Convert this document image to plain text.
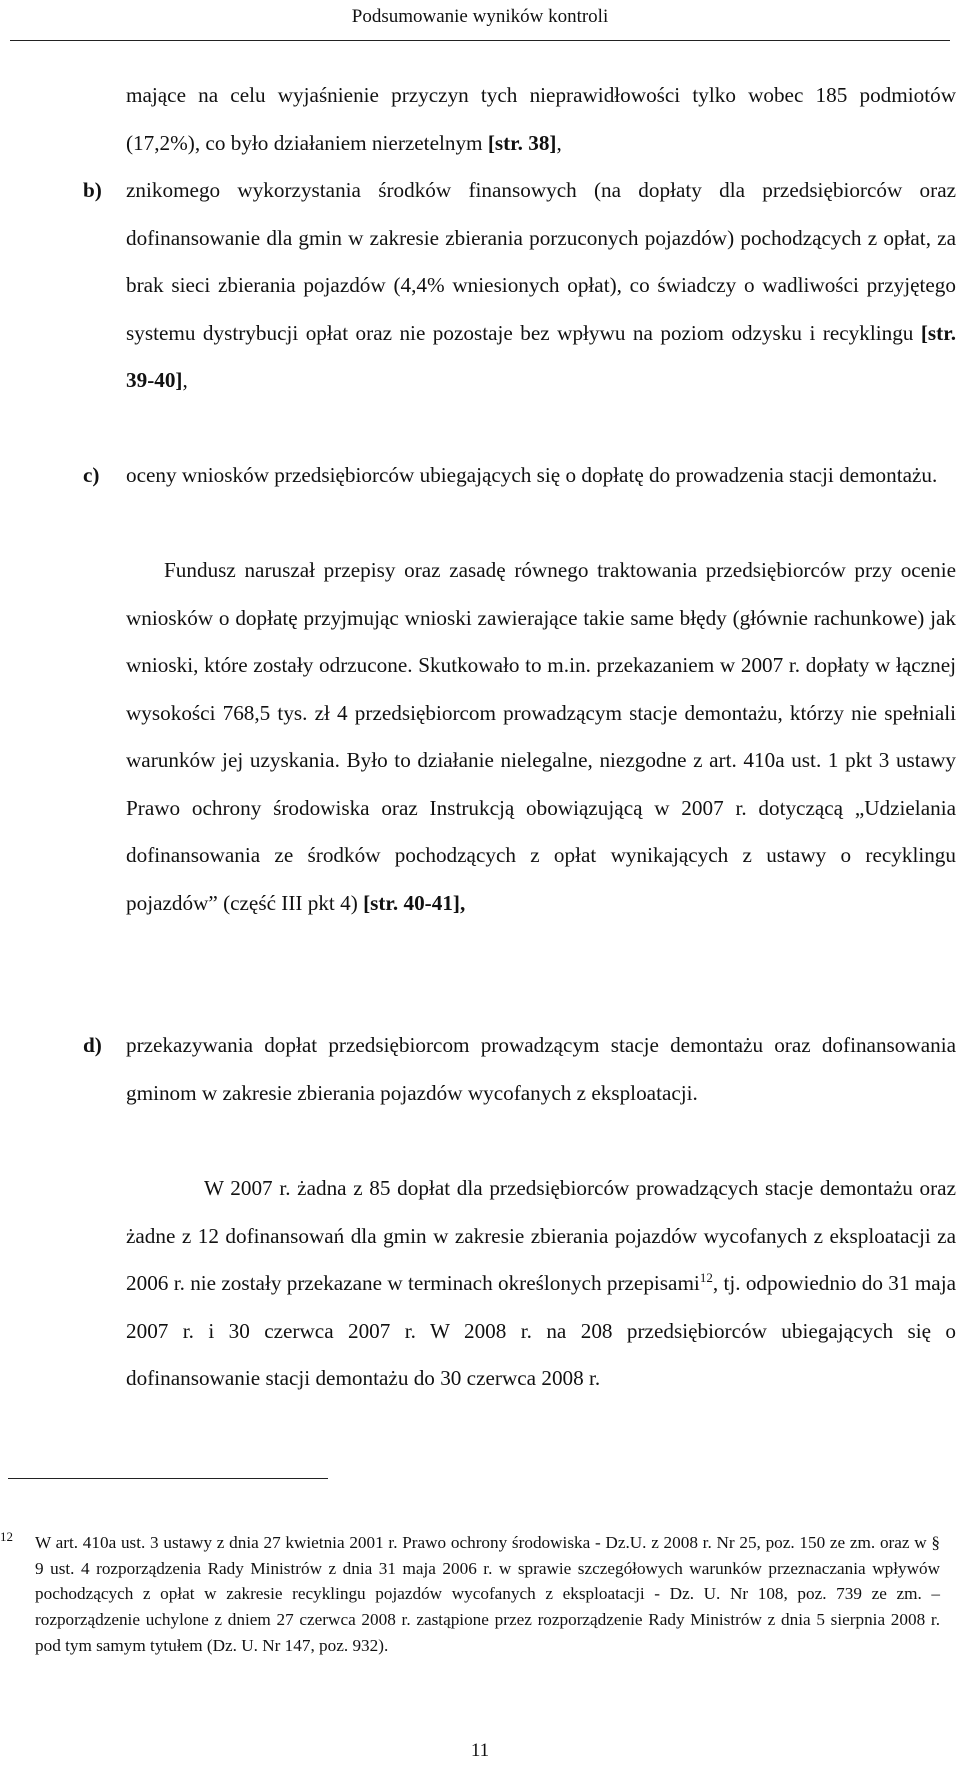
Podsumowanie wyników kontroli
mające na celu wyjaśnienie przyczyn tych nieprawidłowości tylko wobec 185 podmiotów (17,2%), co było działaniem nierzetelnym [str. 38],
b) znikomego wykorzystania środków finansowych (na dopłaty dla przedsiębiorców oraz dofinansowanie dla gmin w zakresie zbierania porzuconych pojazdów) pochodzących z opłat, za brak sieci zbierania pojazdów (4,4% wniesionych opłat), co świadczy o wadliwości przyjętego systemu dystrybucji opłat oraz nie pozostaje bez wpływu na poziom odzysku i recyklingu [str. 39-40],
c) oceny wniosków przedsiębiorców ubiegających się o dopłatę do prowadzenia stacji demontażu.
Fundusz naruszał przepisy oraz zasadę równego traktowania przedsiębiorców przy ocenie wniosków o dopłatę przyjmując wnioski zawierające takie same błędy (głównie rachunkowe) jak wnioski, które zostały odrzucone. Skutkowało to m.in. przekazaniem w 2007 r. dopłaty w łącznej wysokości 768,5 tys. zł 4 przedsiębiorcom prowadzącym stacje demontażu, którzy nie spełniali warunków jej uzyskania. Było to działanie nielegalne, niezgodne z art. 410a ust. 1 pkt 3 ustawy Prawo ochrony środowiska oraz Instrukcją obowiązującą w 2007 r. dotyczącą „Udzielania dofinansowania ze środków pochodzących z opłat wynikających z ustawy o recyklingu pojazdów” (część III pkt 4) [str. 40-41],
d) przekazywania dopłat przedsiębiorcom prowadzącym stacje demontażu oraz dofinansowania gminom w zakresie zbierania pojazdów wycofanych z eksploatacji.
W 2007 r. żadna z 85 dopłat dla przedsiębiorców prowadzących stacje demontażu oraz żadne z 12 dofinansowań dla gmin w zakresie zbierania pojazdów wycofanych z eksploatacji za 2006 r. nie zostały przekazane w terminach określonych przepisami$^{12}$, tj. odpowiednio do 31 maja 2007 r. i 30 czerwca 2007 r. W 2008 r. na 208 przedsiębiorców ubiegających się o dofinansowanie stacji demontażu do 30 czerwca 2008 r.
12 W art. 410a ust. 3 ustawy z dnia 27 kwietnia 2001 r. Prawo ochrony środowiska - Dz.U. z 2008 r. Nr 25, poz. 150 ze zm. oraz w § 9 ust. 4 rozporządzenia Rady Ministrów z dnia 31 maja 2006 r. w sprawie szczegółowych warunków przeznaczania wpływów pochodzących z opłat w zakresie recyklingu pojazdów wycofanych z eksploatacji - Dz. U. Nr 108, poz. 739 ze zm. – rozporządzenie uchylone z dniem 27 czerwca 2008 r. zastąpione przez rozporządzenie Rady Ministrów z dnia 5 sierpnia 2008 r. pod tym samym tytułem (Dz. U. Nr 147, poz. 932).
11
